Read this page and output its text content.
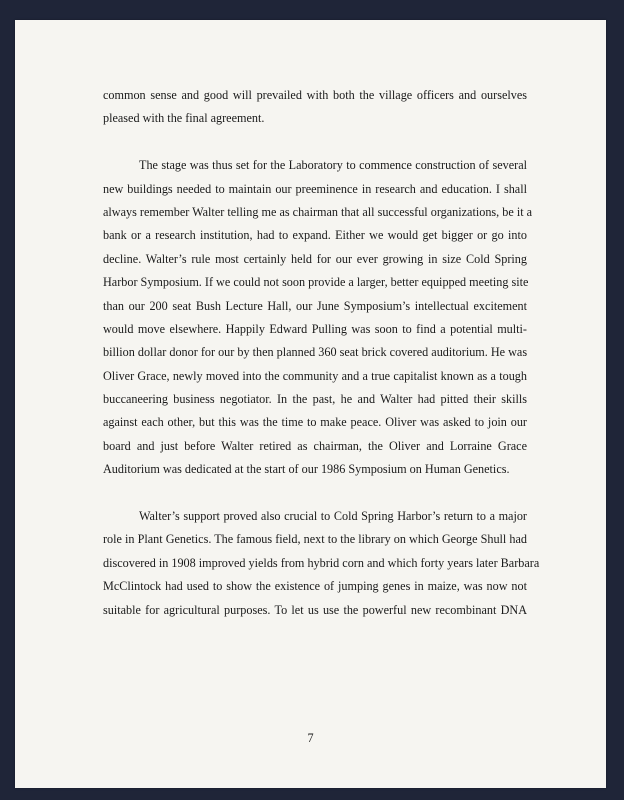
common sense and good will prevailed with both the village officers and ourselves
pleased with the final agreement.
The stage was thus set for the Laboratory to commence construction of several
new buildings needed to maintain our preeminence in research and education. I shall
always remember Walter telling me as chairman that all successful organizations, be it a
bank or a research institution, had to expand. Either we would get bigger or go into
decline. Walter’s rule most certainly held for our ever growing in size Cold Spring
Harbor Symposium. If we could not soon provide a larger, better equipped meeting site
than our 200 seat Bush Lecture Hall, our June Symposium’s intellectual excitement
would move elsewhere. Happily Edward Pulling was soon to find a potential multi-
billion dollar donor for our by then planned 360 seat brick covered auditorium. He was
Oliver Grace, newly moved into the community and a true capitalist known as a tough
buccaneering business negotiator. In the past, he and Walter had pitted their skills
against each other, but this was the time to make peace. Oliver was asked to join our
board and just before Walter retired as chairman, the Oliver and Lorraine Grace
Auditorium was dedicated at the start of our 1986 Symposium on Human Genetics.
Walter’s support proved also crucial to Cold Spring Harbor’s return to a major
role in Plant Genetics. The famous field, next to the library on which George Shull had
discovered in 1908 improved yields from hybrid corn and which forty years later Barbara
McClintock had used to show the existence of jumping genes in maize, was now not
suitable for agricultural purposes. To let us use the powerful new recombinant DNA
7
